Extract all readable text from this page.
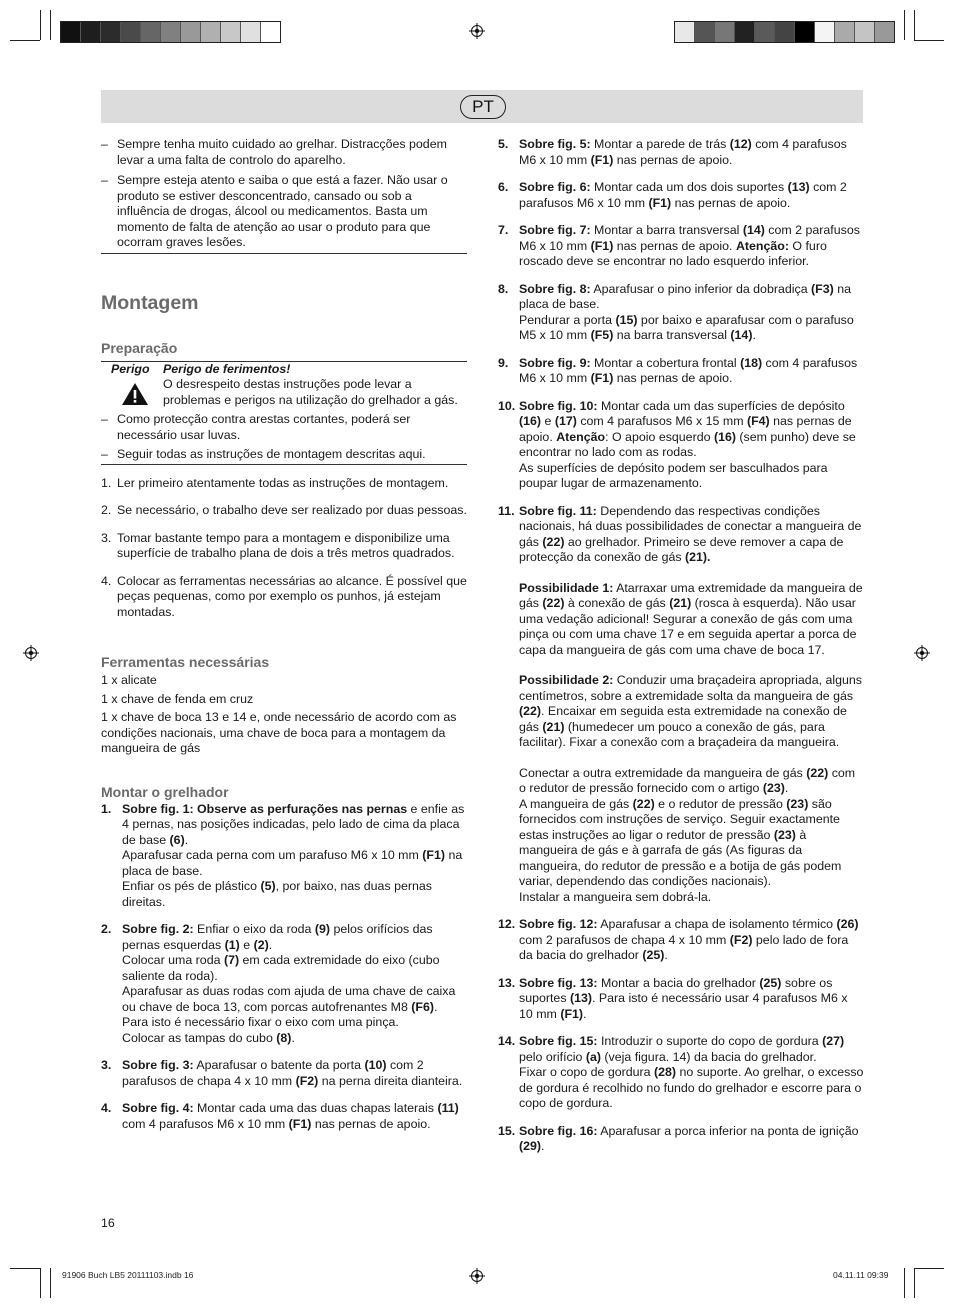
PT

– Sempre tenha muito cuidado ao grelhar. Distracções podem levar a uma falta de controlo do aparelho.

– Sempre esteja atento e saiba o que está a fazer. Não usar o produto se estiver desconcentrado, cansado ou sob a influência de drogas, álcool ou medicamentos. Basta um momento de falta de atenção ao usar o produto para que ocorram graves lesões.

Montagem
Preparação
Perigo Perigo de ferimentos!

O desrespeito destas instruções pode levar a problemas e perigos na utilização do grelhador a gás.

– Como protecção contra arestas cortantes, poderá ser necessário usar luvas.

– Seguir todas as instruções de montagem descritas aqui.

1. Ler primeiro atentamente todas as instruções de montagem.

2. Se necessário, o trabalho deve ser realizado por duas pessoas.

3. Tomar bastante tempo para a montagem e disponibilize uma superfície de trabalho plana de dois a três metros quadrados.

4. Colocar as ferramentas necessárias ao alcance. É possível que peças pequenas, como por exemplo os punhos, já estejam montadas.

Ferramentas necessárias

1 x alicate

1 x chave de fenda em cruz

1 x chave de boca 13 e 14 e, onde necessário de acordo com as condições nacionais, uma chave de boca para a montagem da mangueira de gás

Montar o grelhador
1. Sobre fig. 1: Observe as perfurações nas pernas e enfie as 4 pernas, nas posições indicadas, pelo lado de cima da placa de base (6).

Aparafusar cada perna com um parafuso M6 x 10 mm (F1) na placa de base.

Enfiar os pés de plástico (5), por baixo, nas duas pernas direitas.

2. Sobre fig. 2: Enfiar o eixo da roda (9) pelos orifícios das pernas esquerdas (1) e (2).

Colocar uma roda (7) em cada extremidade do eixo (cubo saliente da roda).

Aparafusar as duas rodas com ajuda de uma chave de caixa ou chave de boca 13, com porcas autofrenantes M8 (F6).

Para isto é necessário fixar o eixo com uma pinça.

Colocar as tampas do cubo (8).

3. Sobre fig. 3: Aparafusar o batente da porta (10) com 2 parafusos de chapa 4 x 10 mm (F2) na perna direita dianteira.

4. Sobre fig. 4: Montar cada uma das duas chapas laterais (11) com 4 parafusos M6 x 10 mm (F1) nas pernas de apoio.

5. Sobre fig. 5: Montar a parede de trás (12) com 4 parafusos M6 x 10 mm (F1) nas pernas de apoio.

6. Sobre fig. 6: Montar cada um dos dois suportes (13) com 2 parafusos M6 x 10 mm (F1) nas pernas de apoio.

7. Sobre fig. 7: Montar a barra transversal (14) com 2 parafusos M6 x 10 mm (F1) nas pernas de apoio. Atenção: O furo roscado deve se encontrar no lado esquerdo inferior.

8. Sobre fig. 8: Aparafusar o pino inferior da dobradiça (F3) na placa de base.

Pendurar a porta (15) por baixo e aparafusar com o parafuso M5 x 10 mm (F5) na barra transversal (14).

9. Sobre fig. 9: Montar a cobertura frontal (18) com 4 parafusos M6 x 10 mm (F1) nas pernas de apoio.

10. Sobre fig. 10: Montar cada um das superfícies de depósito (16) e (17) com 4 parafusos M6 x 15 mm (F4) nas pernas de apoio. Atenção: O apoio esquerdo (16) (sem punho) deve se encontrar no lado com as rodas.

As superfícies de depósito podem ser basculhados para poupar lugar de armazenamento.

11. Sobre fig. 11: Dependendo das respectivas condições nacionais, há duas possibilidades de conectar a mangueira de gás (22) ao grelhador. Primeiro se deve remover a capa de protecção da conexão de gás (21).

Possibilidade 1: Atarraxar uma extremidade da mangueira de gás (22) à conexão de gás (21) (rosca à esquerda). Não usar uma vedação adicional! Segurar a conexão de gás com uma pinça ou com uma chave 17 e em seguida apertar a porca de capa da mangueira de gás com uma chave de boca 17.

Possibilidade 2: Conduzir uma braçadeira apropriada, alguns centímetros, sobre a extremidade solta da mangueira de gás (22). Encaixar em seguida esta extremidade na conexão de gás (21) (humedecer um pouco a conexão de gás, para facilitar). Fixar a conexão com a braçadeira da mangueira.

Conectar a outra extremidade da mangueira de gás (22) com o redutor de pressão fornecido com o artigo (23).

A mangueira de gás (22) e o redutor de pressão (23) são fornecidos com instruções de serviço. Seguir exactamente estas instruções ao ligar o redutor de pressão (23) à mangueira de gás e à garrafa de gás (As figuras da mangueira, do redutor de pressão e a botija de gás podem variar, dependendo das condições nacionais).

Instalar a mangueira sem dobrá-la.

12. Sobre fig. 12: Aparafusar a chapa de isolamento térmico (26) com 2 parafusos de chapa 4 x 10 mm (F2) pelo lado de fora da bacia do grelhador (25).

13. Sobre fig. 13: Montar a bacia do grelhador (25) sobre os suportes (13). Para isto é necessário usar 4 parafusos M6 x 10 mm (F1).

14. Sobre fig. 15: Introduzir o suporte do copo de gordura (27) pelo orifício (a) (veja figura. 14) da bacia do grelhador.

Fixar o copo de gordura (28) no suporte. Ao grelhar, o excesso de gordura é recolhido no fundo do grelhador e escorre para o copo de gordura.

15. Sobre fig. 16: Aparafusar a porca inferior na ponta de ignição (29).

16
91906 Buch LB5 20111103.indb 16	04.11.11 09:39
